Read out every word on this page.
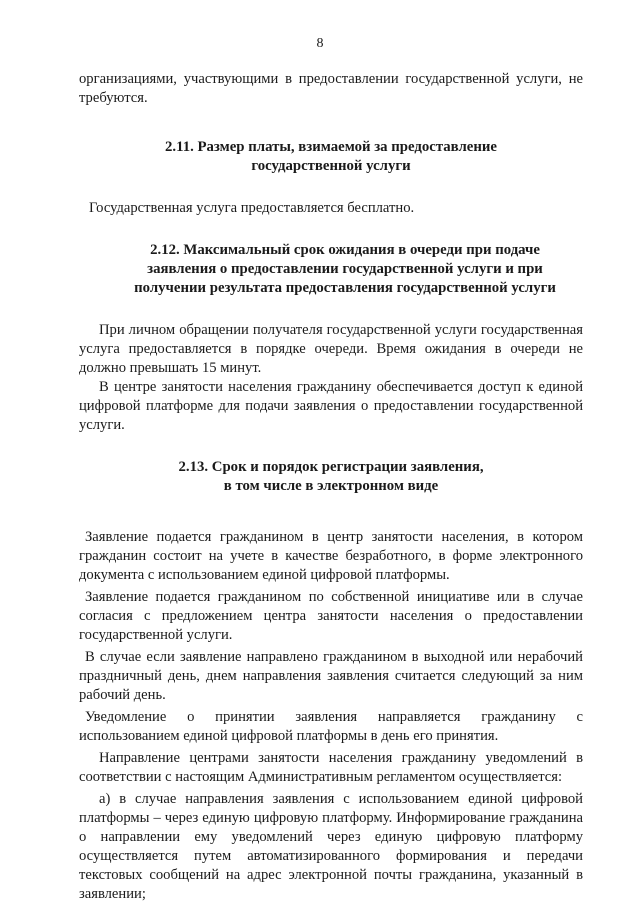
8

организациями, участвующими в предоставлении государственной услуги, не требуются.

2.11. Размер платы, взимаемой за предоставление
государственной услуги

Государственная услуга предоставляется бесплатно.

2.12. Максимальный срок ожидания в очереди при подаче
заявления о предоставлении государственной услуги и при
получении результата предоставления государственной услуги

При личном обращении получателя государственной услуги государственная услуга предоставляется в порядке очереди. Время ожидания в очереди не должно превышать 15 минут.

В центре занятости населения гражданину обеспечивается доступ к единой цифровой платформе для подачи заявления о предоставлении государственной услуги.

2.13. Срок и порядок регистрации заявления,
в том числе в электронном виде

Заявление подается гражданином в центр занятости населения, в котором гражданин состоит на учете в качестве безработного, в форме электронного документа с использованием единой цифровой платформы.

Заявление подается гражданином по собственной инициативе или в случае согласия с предложением центра занятости населения о предоставлении государственной услуги.

В случае если заявление направлено гражданином в выходной или нерабочий праздничный день, днем направления заявления считается следующий за ним рабочий день.

Уведомление о принятии заявления направляется гражданину с использованием единой цифровой платформы в день его принятия.

Направление центрами занятости населения гражданину уведомлений в соответствии с настоящим Административным регламентом осуществляется:

а) в случае направления заявления с использованием единой цифровой платформы – через единую цифровую платформу. Информирование гражданина о направлении ему уведомлений через единую цифровую платформу осуществляется путем автоматизированного формирования и передачи текстовых сообщений на адрес электронной почты гражданина, указанный в заявлении;
